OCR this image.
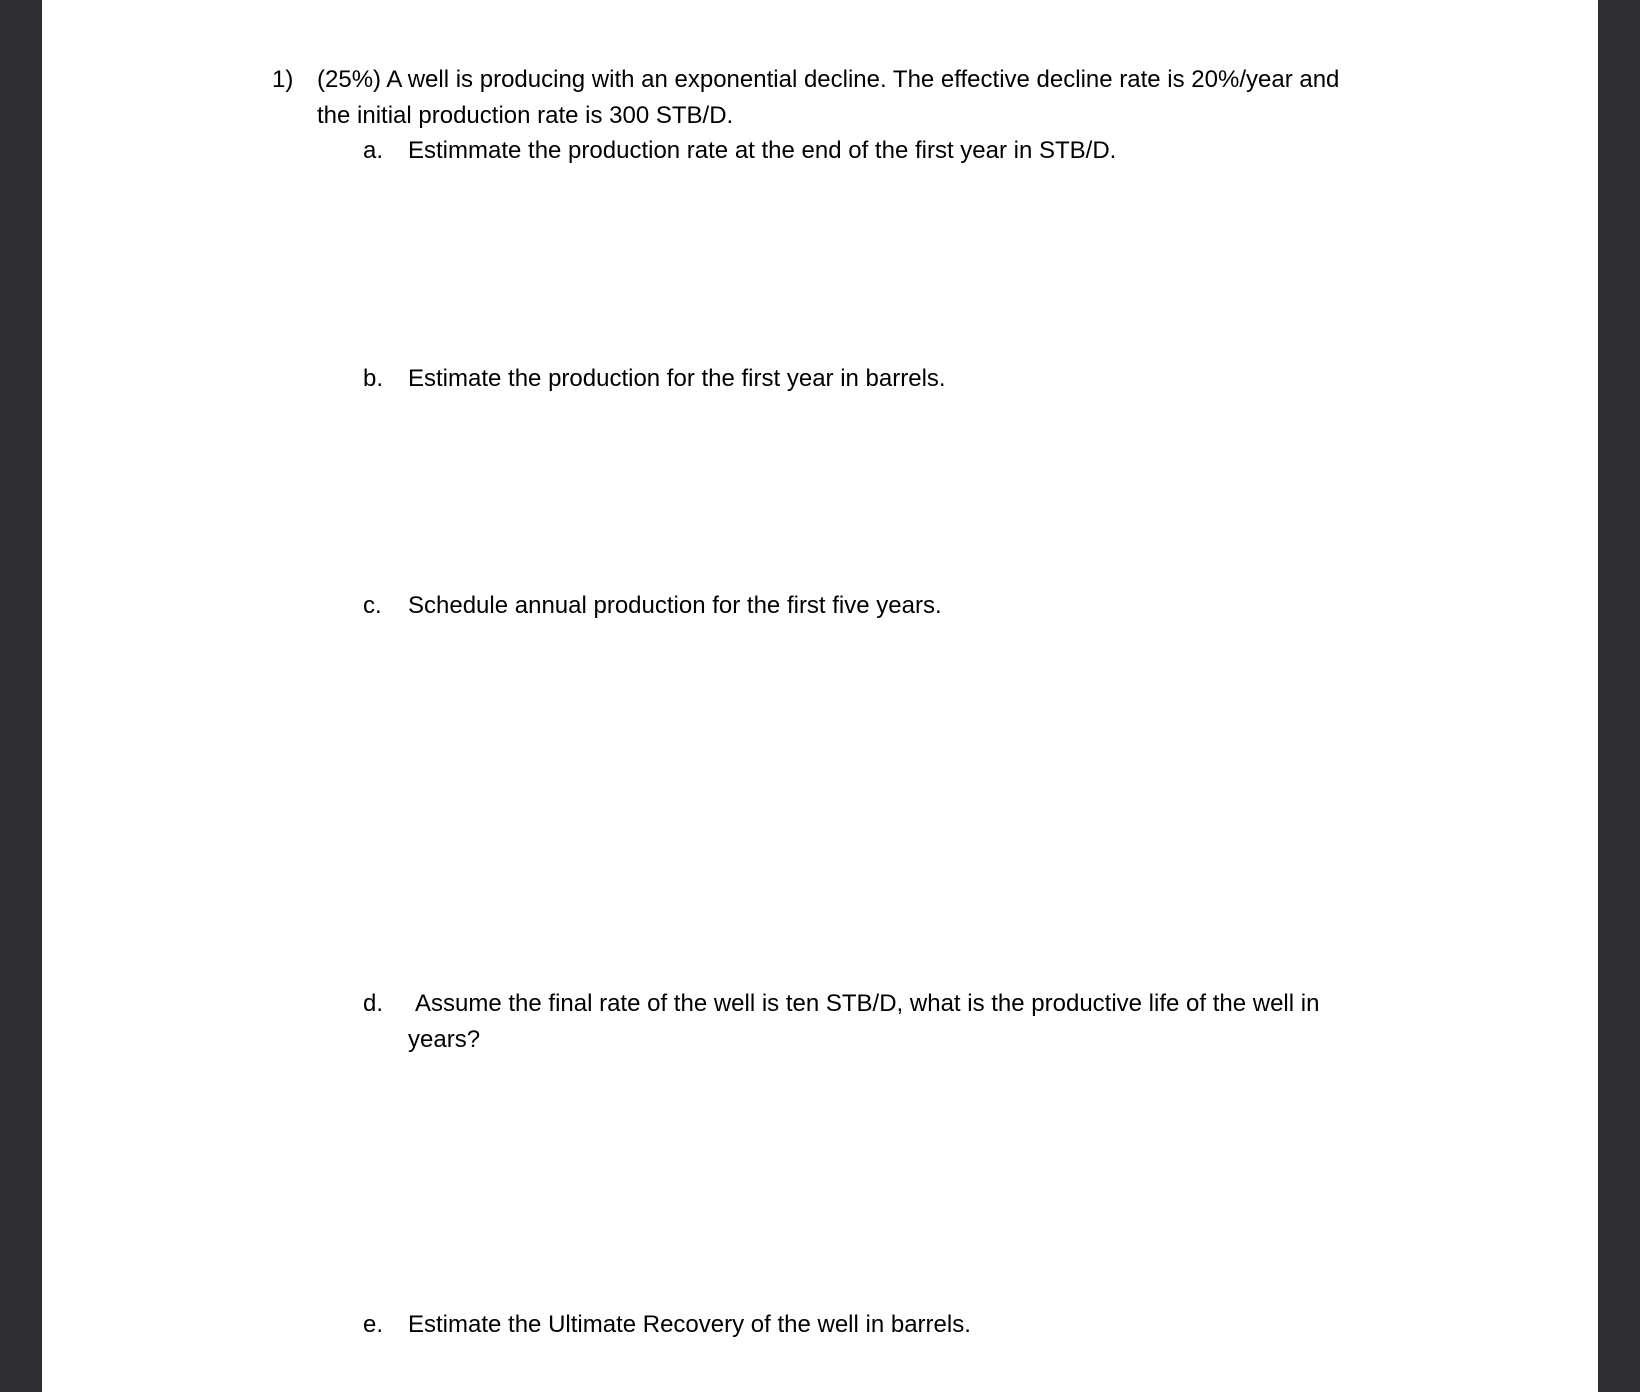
1) (25%) A well is producing with an exponential decline. The effective decline rate is 20%/year and
the initial production rate is 300 STB/D.
a. Estimmate the production rate at the end of the first year in STB/D.
b. Estimate the production for the first year in barrels.
c. Schedule annual production for the first five years.
d. Assume the final rate of the well is ten STB/D, what is the productive life of the well in
years?
e. Estimate the Ultimate Recovery of the well in barrels.
